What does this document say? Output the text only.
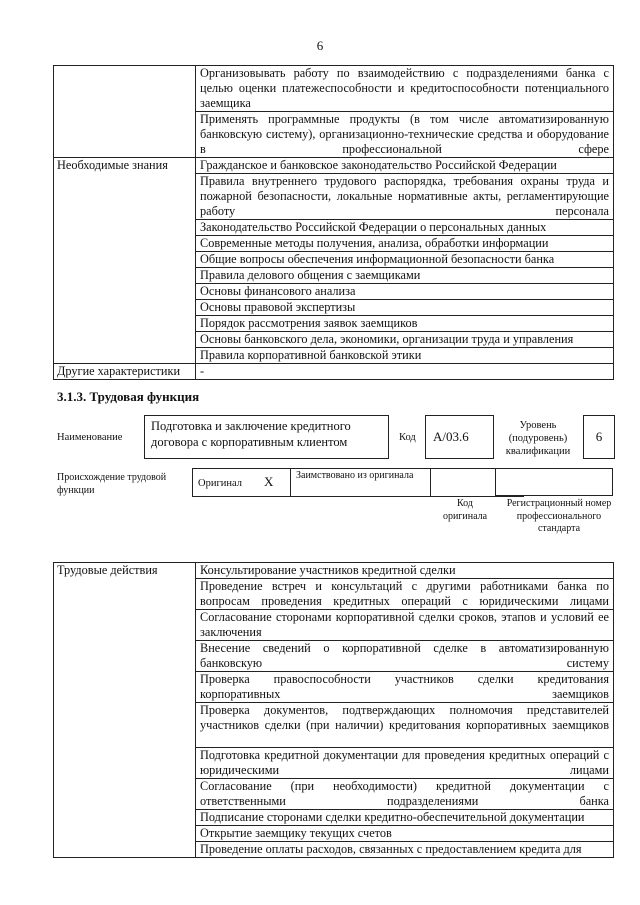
6
	Организовывать работу по взаимодействию с подразделениями банка с целью оценки платежеспособности и кредитоспособности потенциального заемщика
	Применять программные продукты (в том числе автоматизированную банковскую систему), организационно-технические средства и оборудование в профессиональной сфере
Необходимые знания	Гражданское и банковское законодательство Российской Федерации
	Правила внутреннего трудового распорядка, требования охраны труда и пожарной безопасности, локальные нормативные акты, регламентирующие работу персонала
	Законодательство Российской Федерации о персональных данных
	Современные методы получения, анализа, обработки информации
	Общие вопросы обеспечения информационной безопасности банка
	Правила делового общения с заемщиками
	Основы финансового анализа
	Основы правовой экспертизы
	Порядок рассмотрения заявок заемщиков
	Основы банковского дела, экономики, организации труда и управления
	Правила корпоративной банковской этики
Другие характеристики	-
3.1.3. Трудовая функция
Наименование
Подготовка и заключение кредитного договора с корпоративным клиентом	Код А/03.6
Уровень (подуровень) квалификации
6
Происхождение трудовой функции
Оригинал X Заимствовано из оригинала
Код оригинала
Регистрационный номер профессионального стандарта
Трудовые действия	Консультирование участников кредитной сделки
Проведение встреч и консультаций с другими работниками банка по вопросам проведения кредитных операций с юридическими лицами
Согласование сторонами корпоративной сделки сроков, этапов и условий ее заключения
Внесение сведений о корпоративной сделке в автоматизированную банковскую систему
Проверка правоспособности участников сделки кредитования корпоративных заемщиков
Проверка документов, подтверждающих полномочия представителей участников сделки (при наличии) кредитования корпоративных заемщиков
Подготовка кредитной документации для проведения кредитных операций с юридическими лицами
Согласование (при необходимости) кредитной документации с ответственными подразделениями банка
Подписание сторонами сделки кредитно-обеспечительной документации
Открытие заемщику текущих счетов
Проведение оплаты расходов, связанных с предоставлением кредита для
